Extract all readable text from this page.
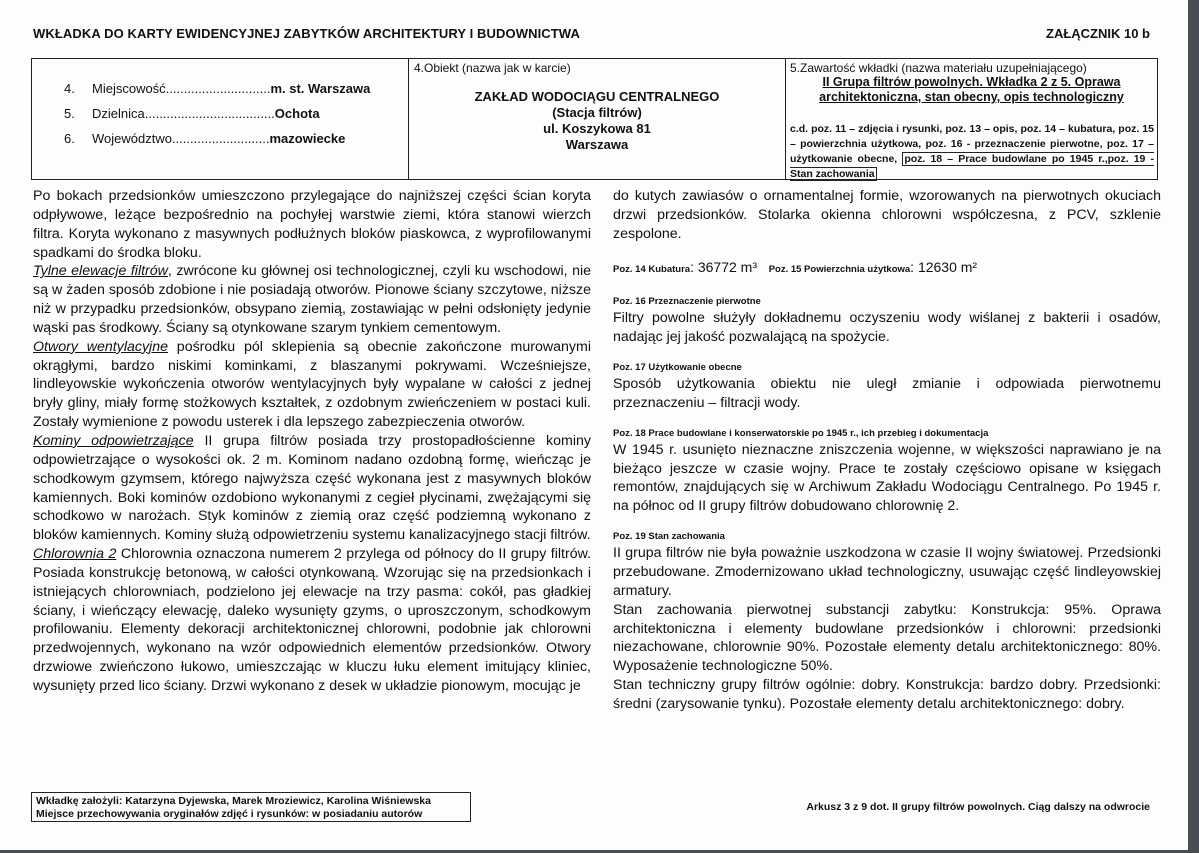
WKŁADKA DO KARTY EWIDENCYJNEJ ZABYTKÓW ARCHITEKTURY I BUDOWNICTWA	ZAŁĄCZNIK 10 b
4. Miejscowość.............................m. st. Warszawa
5. Dzielnica....................................Ochota
6. Województwo...........................mazowiecke
4.Obiekt (nazwa jak w karcie)
ZAKŁAD WODOCIĄGU CENTRALNEGO
(Stacja filtrów)
ul. Koszykowa 81
Warszawa
5.Zawartość wkładki (nazwa materiału uzupełniającego)
II Grupa filtrów powolnych. Wkładka 2 z 5. Oprawa
architektoniczna, stan obecny, opis technologiczny
c.d. poz. 11 – zdjęcia i rysunki, poz. 13 – opis, poz. 14 – kubatura, poz. 15 – powierzchnia użytkowa, poz. 16 - przeznaczenie pierwotne, poz. 17 – użytkowanie obecne, poz. 18 – Prace budowlane po 1945 r.,poz. 19 - Stan zachowania

Po bokach przedsionków umieszczono przylegające do najniższej części ścian koryta odpływowe, leżące bezpośrednio na pochyłej warstwie ziemi, która stanowi wierzch filtra. Koryta wykonano z masywnych podłużnych bloków piaskowca, z wyprofilowanymi spadkami do środka bloku.

Tylne elewacje filtrów, zwrócone ku głównej osi technologicznej, czyli ku wschodowi, nie są w żaden sposób zdobione i nie posiadają otworów. Pionowe ściany szczytowe, niższe niż w przypadku przedsionków, obsypano ziemią, zostawiając w pełni odsłonięty jedynie wąski pas środkowy. Ściany są otynkowane szarym tynkiem cementowym.

Otwory wentylacyjne pośrodku pól sklepienia są obecnie zakończone murowanymi okrągłymi, bardzo niskimi kominkami, z blaszanymi pokrywami. Wcześniejsze, lindleyowskie wykończenia otworów wentylacyjnych były wypalane w całości z jednej bryły gliny, miały formę stożkowych kształtek, z ozdobnym zwieńczeniem w postaci kuli. Zostały wymienione z powodu usterek i dla lepszego zabezpieczenia otworów.

Kominy odpowietrzające II grupa filtrów posiada trzy prostopadłościenne kominy odpowietrzające o wysokości ok. 2 m. Kominom nadano ozdobną formę, wieńcząc je schodkowym gzymsem, którego najwyższa część wykonana jest z masywnych bloków kamiennych. Boki kominów ozdobiono wykonanymi z cegieł płycinami, zwężającymi się schodkowo w narożach. Styk kominów z ziemią oraz część podziemną wykonano z bloków kamiennych. Kominy służą odpowietrzeniu systemu kanalizacyjnego stacji filtrów.

Chlorownia 2 Chlorownia oznaczona numerem 2 przylega od północy do II grupy filtrów. Posiada konstrukcję betonową, w całości otynkowaną. Wzorując się na przedsionkach i istniejących chlorowniach, podzielono jej elewacje na trzy pasma: cokół, pas gładkiej ściany, i wieńczący elewację, daleko wysunięty gzyms, o uproszczonym, schodkowym profilowaniu. Elementy dekoracji architektonicznej chlorowni, podobnie jak chlorowni przedwojennych, wykonano na wzór odpowiednich elementów przedsionków. Otwory drzwiowe zwieńczono łukowo, umieszczając w kluczu łuku element imitujący kliniec, wysunięty przed lico ściany. Drzwi wykonano z desek w układzie pionowym, mocując je

do kutych zawiasów o ornamentalnej formie, wzorowanych na pierwotnych okuciach drzwi przedsionków. Stolarka okienna chlorowni współczesna, z PCV, szklenie zespolone.

Poz. 14 Kubatura: 36772 m³ Poz. 15 Powierzchnia użytkowa: 12630 m²

Poz. 16 Przeznaczenie pierwotne

Filtry powolne służyły dokładnemu oczyszeniu wody wiślanej z bakterii i osadów, nadając jej jakość pozwalającą na spożycie.

Poz. 17 Użytkowanie obecne

Sposób użytkowania obiektu nie uległ zmianie i odpowiada pierwotnemu przeznaczeniu – filtracji wody.

Poz. 18 Prace budowlane i konserwatorskie po 1945 r., ich przebieg i dokumentacja

W 1945 r. usunięto nieznaczne zniszczenia wojenne, w większości naprawiano je na bieżąco jeszcze w czasie wojny. Prace te zostały częściowo opisane w księgach remontów, znajdujących się w Archiwum Zakładu Wodociągu Centralnego. Po 1945 r. na północ od II grupy filtrów dobudowano chlorownię 2.

Poz. 19 Stan zachowania

II grupa filtrów nie była poważnie uszkodzona w czasie II wojny światowej. Przedsionki przebudowane. Zmodernizowano układ technologiczny, usuwając część lindleyowskiej armatury.

Stan zachowania pierwotnej substancji zabytku: Konstrukcja: 95%. Oprawa architektoniczna i elementy budowlane przedsionków i chlorowni: przedsionki niezachowane, chlorownie 90%. Pozostałe elementy detalu architektonicznego: 80%. Wyposażenie technologiczne 50%.

Stan techniczny grupy filtrów ogólnie: dobry. Konstrukcja: bardzo dobry. Przedsionki: średni (zarysowanie tynku). Pozostałe elementy detalu architektonicznego: dobry.

Wkładkę założyli: Katarzyna Dyjewska, Marek Mroziewicz, Karolina Wiśniewska
Miejsce przechowywania oryginałów zdjęć i rysunków: w posiadaniu autorów
Arkusz 3 z 9 dot. II grupy filtrów powolnych. Ciąg dalszy na odwrocie
